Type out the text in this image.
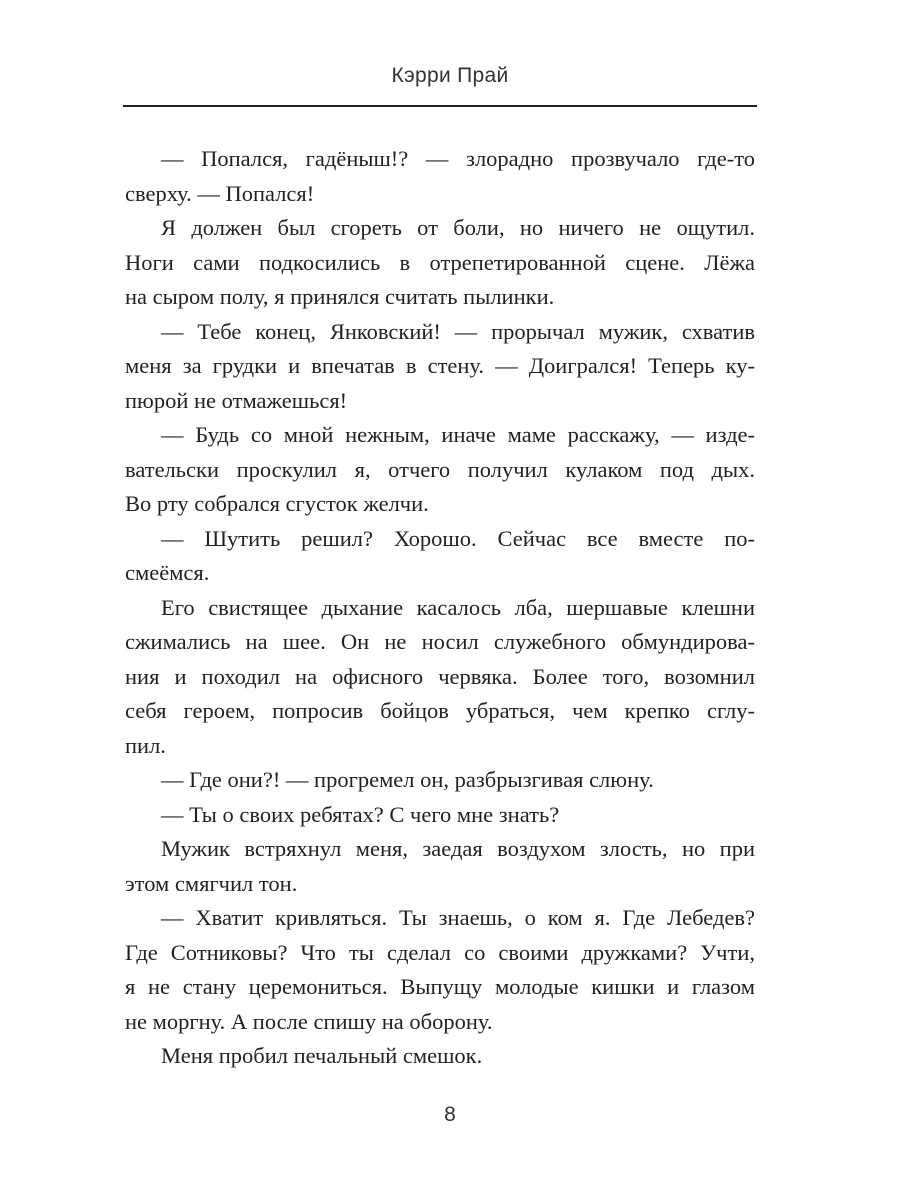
Кэрри Прай
— Попался, гадёныш!? — злорадно прозвучало где-то
сверху. — Попался!
Я должен был сгореть от боли, но ничего не ощутил.
Ноги сами подкосились в отрепетированной сцене. Лёжа
на сыром полу, я принялся считать пылинки.
— Тебе конец, Янковский! — прорычал мужик, схватив
меня за грудки и впечатав в стену. — Доигрался! Теперь ку-
пюрой не отмажешься!
— Будь со мной нежным, иначе маме расскажу, — изде-
вательски проскулил я, отчего получил кулаком под дых.
Во рту собрался сгусток желчи.
— Шутить решил? Хорошо. Сейчас все вместе по-
смеёмся.
Его свистящее дыхание касалось лба, шершавые клешни
сжимались на шее. Он не носил служебного обмундирова-
ния и походил на офисного червяка. Более того, возомнил
себя героем, попросив бойцов убраться, чем крепко сглу-
пил.
— Где они?! — прогремел он, разбрызгивая слюну.
— Ты о своих ребятах? С чего мне знать?
Мужик встряхнул меня, заедая воздухом злость, но при
этом смягчил тон.
— Хватит кривляться. Ты знаешь, о ком я. Где Лебедев?
Где Сотниковы? Что ты сделал со своими дружками? Учти,
я не стану церемониться. Выпущу молодые кишки и глазом
не моргну. А после спишу на оборону.
Меня пробил печальный смешок.
8
